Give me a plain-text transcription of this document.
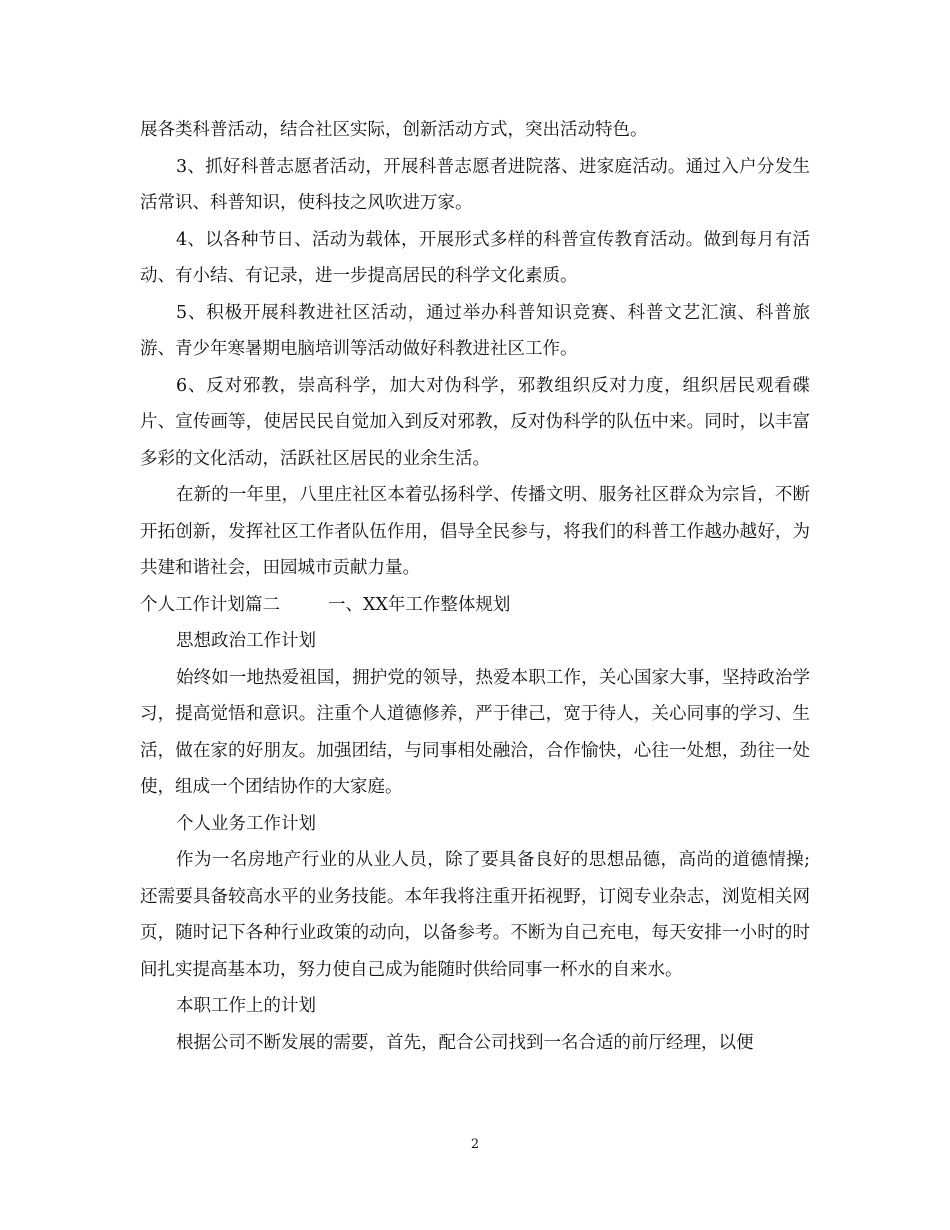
展各类科普活动，结合社区实际，创新活动方式，突出活动特色。

3、抓好科普志愿者活动，开展科普志愿者进院落、进家庭活动。通过入户分发生活常识、科普知识，使科技之风吹进万家。

4、以各种节日、活动为载体，开展形式多样的科普宣传教育活动。做到每月有活动、有小结、有记录，进一步提高居民的科学文化素质。

5、积极开展科教进社区活动，通过举办科普知识竞赛、科普文艺汇演、科普旅游、青少年寒暑期电脑培训等活动做好科教进社区工作。

6、反对邪教，崇高科学，加大对伪科学，邪教组织反对力度，组织居民观看碟片、宣传画等，使居民民自觉加入到反对邪教，反对伪科学的队伍中来。同时，以丰富多彩的文化活动，活跃社区居民的业余生活。

在新的一年里，八里庄社区本着弘扬科学、传播文明、服务社区群众为宗旨，不断开拓创新，发挥社区工作者队伍作用，倡导全民参与，将我们的科普工作越办越好，为共建和谐社会，田园城市贡献力量。

个人工作计划篇二	一、XX年工作整体规划

思想政治工作计划

始终如一地热爱祖国，拥护党的领导，热爱本职工作，关心国家大事，坚持政治学习，提高觉悟和意识。注重个人道德修养，严于律己，宽于待人，关心同事的学习、生活，做在家的好朋友。加强团结，与同事相处融洽，合作愉快，心往一处想，劲往一处使，组成一个团结协作的大家庭。

个人业务工作计划

作为一名房地产行业的从业人员，除了要具备良好的思想品德，高尚的道德情操;还需要具备较高水平的业务技能。本年我将注重开拓视野，订阅专业杂志，浏览相关网页，随时记下各种行业政策的动向，以备参考。不断为自己充电，每天安排一小时的时间扎实提高基本功，努力使自己成为能随时供给同事一杯水的自来水。

本职工作上的计划

根据公司不断发展的需要，首先，配合公司找到一名合适的前厅经理，以便

2
